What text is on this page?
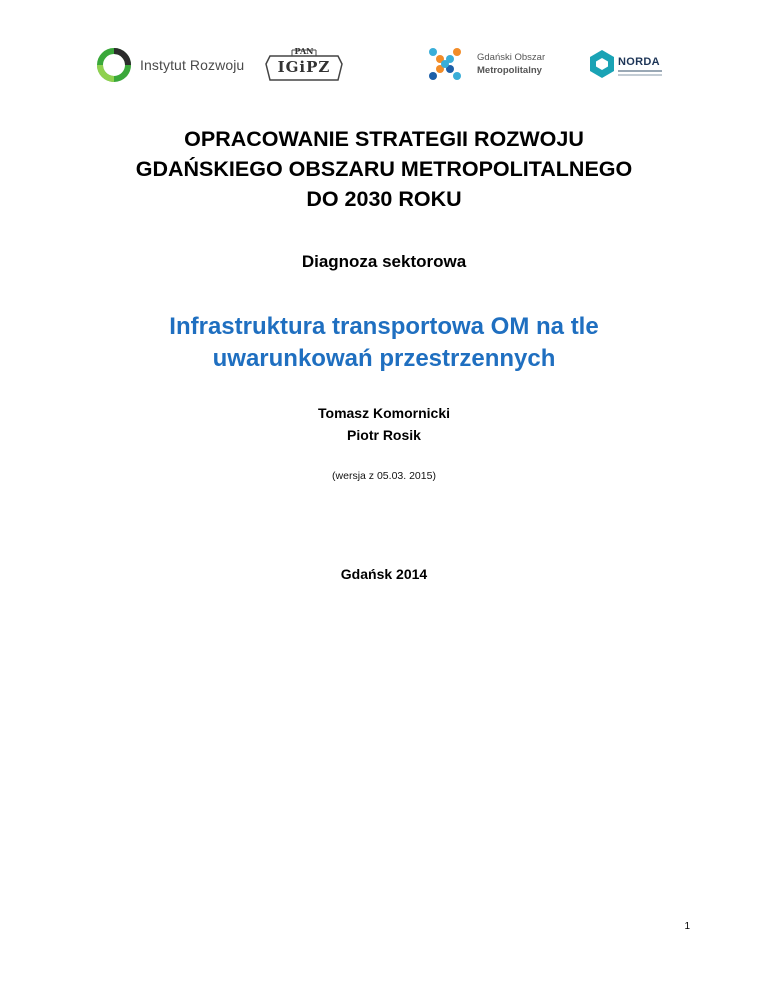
Instytut Rozwoju
PAN
IGiPZ
Gdański Obszar
Metropolitalny
NORDA
OPRACOWANIE STRATEGII ROZWOJU
GDAŃSKIEGO OBSZARU METROPOLITALNEGO
DO 2030 ROKU
Diagnoza sektorowa
Infrastruktura transportowa OM na tle
uwarunkowań przestrzennych
Tomasz Komornicki
Piotr Rosik
(wersja z 05.03. 2015)
Gdańsk 2014
1
